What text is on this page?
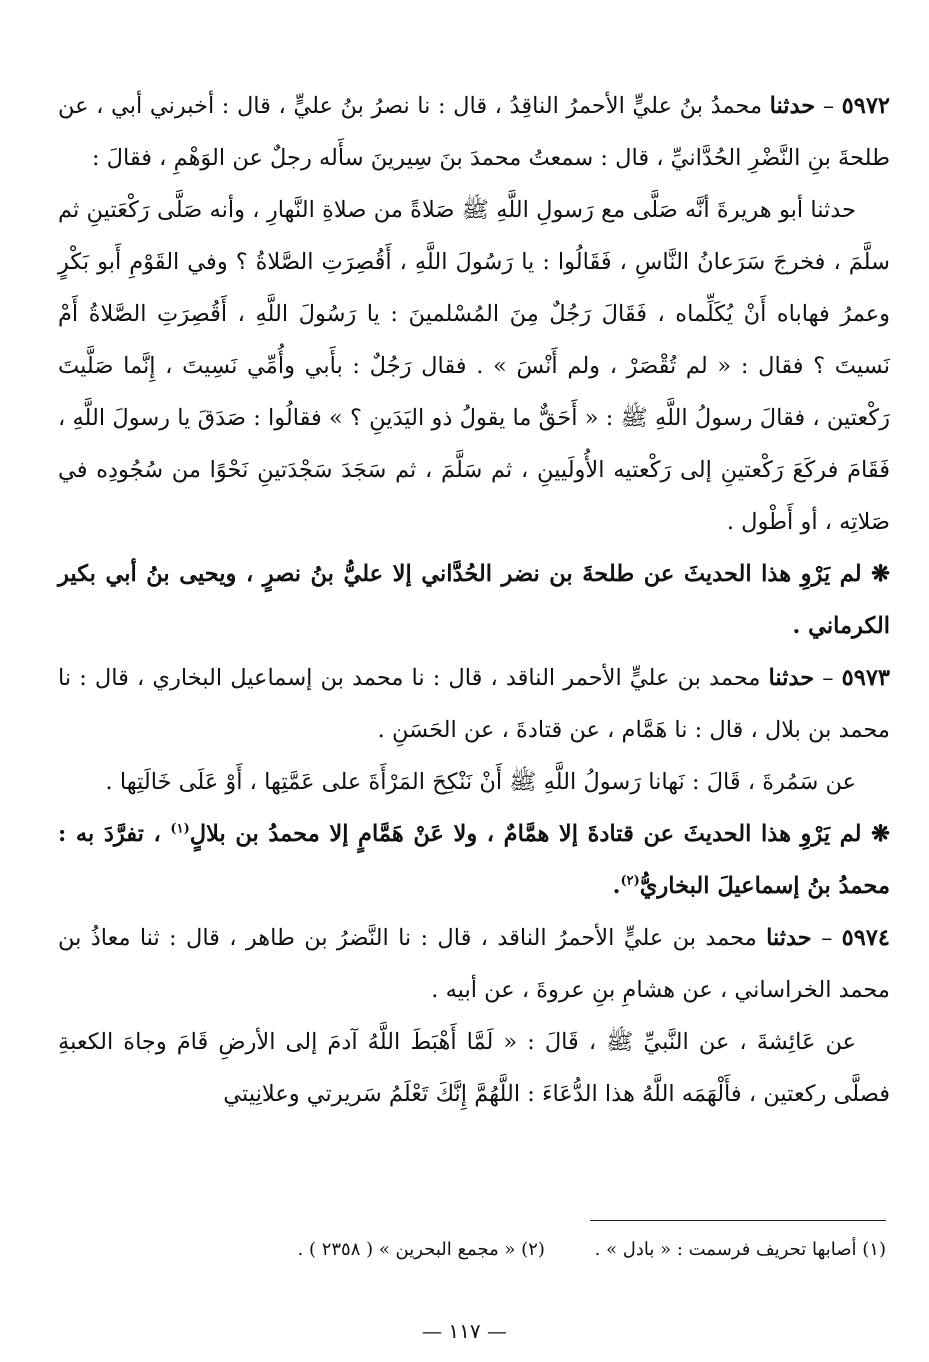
٥٩٧٢ – حدثنا محمدُ بنُ عليٍّ الأحمرُ الناقِدُ ، قال : نا نصرُ بنُ عليٍّ ، قال : أخبرني أبي ، عن طلحةَ بنِ النَّضْرِ الحُدَّانيِّ ، قال : سمعتُ محمدَ بنَ سِيرينَ سأَله رجلٌ عن الوَهْمِ ، فقالَ :

حدثنا أبو هريرةَ أنَّه صَلَّى مع رَسولِ اللَّهِ ﷺ صَلاةً من صلاةِ النَّهارِ ، وأنه صَلَّى رَكْعَتينِ ثم سلَّمَ ، فخرجَ سَرَعانُ النَّاسِ ، فَقَالُوا : يا رَسُولَ اللَّهِ ، أَقُصِرَتِ الصَّلاةُ ؟ وفي القَوْمِ أَبو بَكْرٍ وعمرُ فهاباه أَنْ يُكَلِّماه ، فَقَالَ رَجُلٌ مِنَ المُسْلمينَ : يا رَسُولَ اللَّهِ ، أَقُصِرَتِ الصَّلاةُ أَمْ نَسيتَ ؟ فقال : « لم تُقْصَرْ ، ولم أَنْسَ » . فقال رَجُلٌ : بأَبي وأُمِّي نَسِيتَ ، إِنَّما صَلَّيتَ رَكْعتين ، فقالَ رسولُ اللَّهِ ﷺ : « أَحَقٌّ ما يقولُ ذو اليَدَينِ ؟ » فقالُوا : صَدَقَ يا رسولَ اللَّهِ ، فَقَامَ فركَعَ رَكْعتينِ إلى رَكْعتيه الأُولَيينِ ، ثم سَلَّمَ ، ثم سَجَدَ سَجْدَتينِ نَحْوًا من سُجُودِه في صَلاتِه ، أو أَطْول .

❋ لم يَرْوِ هذا الحديثَ عن طلحةَ بن نضر الحُدَّاني إلا عليُّ بنُ نصرٍ ، ويحيى بنُ أبي بكير الكرماني .

٥٩٧٣ – حدثنا محمد بن عليٍّ الأحمر الناقد ، قال : نا محمد بن إسماعيل البخاري ، قال : نا محمد بن بلال ، قال : نا هَمَّام ، عن قتادةَ ، عن الحَسَنِ .

عن سَمُرةَ ، قَالَ : نَهانا رَسولُ اللَّهِ ﷺ أَنْ نَنْكِحَ المَرْأَةَ على عَمَّتِها ، أَوْ عَلَى خَالَتِها .

❋ لم يَرْوِ هذا الحديثَ عن قتادةَ إلا همَّامٌ ، ولا عَنْ هَمَّامٍ إلا محمدُ بن بلالٍ$^{(١)}$ ، تفرَّدَ به : محمدُ بنُ إسماعيلَ البخاريُّ$^{(٢)}$.

٥٩٧٤ – حدثنا محمد بن عليٍّ الأحمرُ الناقد ، قال : نا النَّضرُ بن طاهر ، قال : ثنا معاذُ بن محمد الخراساني ، عن هشامِ بنِ عروةَ ، عن أبيه .

عن عَائِشةَ ، عن النَّبيِّ ﷺ ، قَالَ : « لَمَّا أَهْبَطَ اللَّهُ آدمَ إلى الأرضِ قَامَ وجاهَ الكعبةِ فصلَّى ركعتين ، فأَلْهَمَه اللَّهُ هذا الدُّعَاءَ : اللَّهُمَّ إِنَّكَ تَعْلَمُ سَريرتي وعلانِيتي

(١) أصابها تحريف فرسمت : « بادل » . (٢) « مجمع البحرين » ( ٢٣٥٨ ) .
— ١١٧ —
